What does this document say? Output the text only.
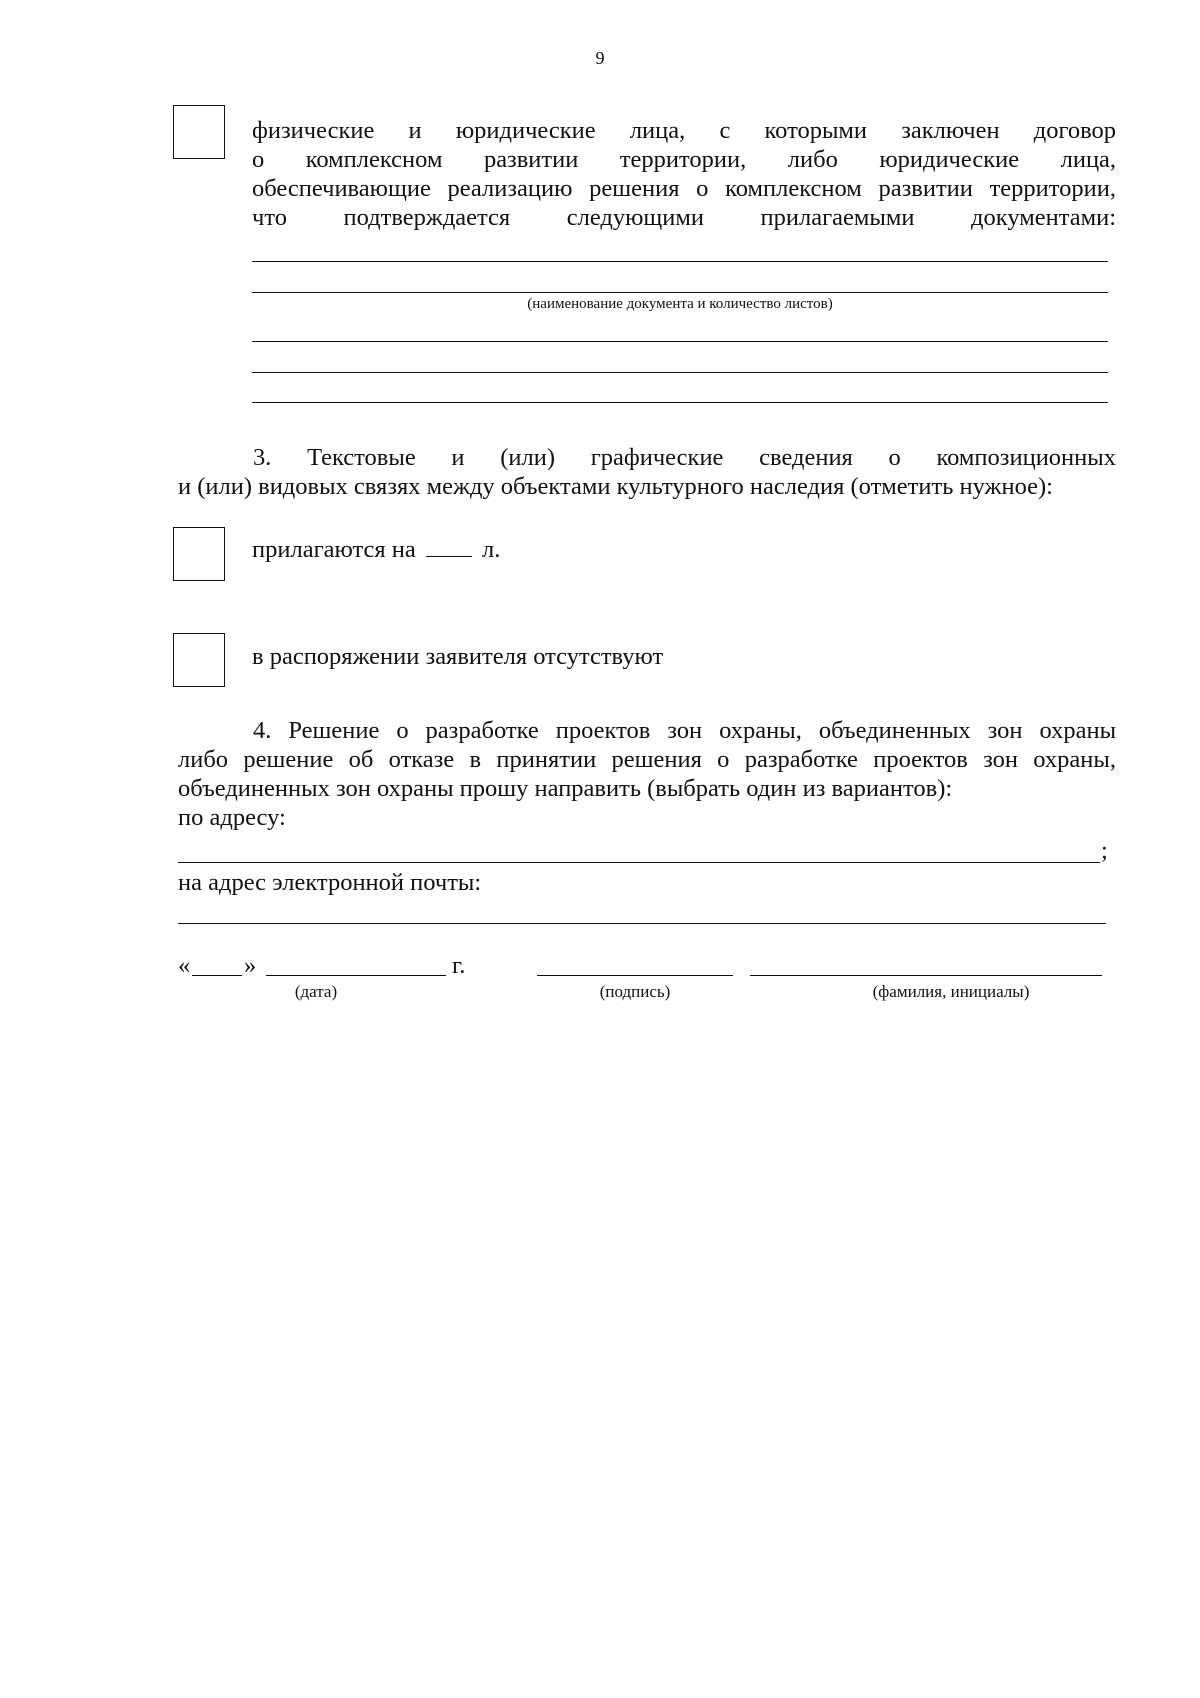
9
физические и юридические лица, с которыми заключен договор
о комплексном развитии территории, либо юридические лица,
обеспечивающие реализацию решения о комплексном развитии территории,
что подтверждается следующими прилагаемыми документами:
(наименование документа и количество листов)
3. Текстовые и (или) графические сведения о композиционных
и (или) видовых связях между объектами культурного наследия (отметить нужное):
прилагаются на	л.
в распоряжении заявителя отсутствуют
4. Решение о разработке проектов зон охраны, объединенных зон охраны
либо решение об отказе в принятии решения о разработке проектов зон охраны,
объединенных зон охраны прошу направить (выбрать один из вариантов):
по адресу:
;
на адрес электронной почты:
« »	г.
(дата)	(подпись)	(фамилия, инициалы)
